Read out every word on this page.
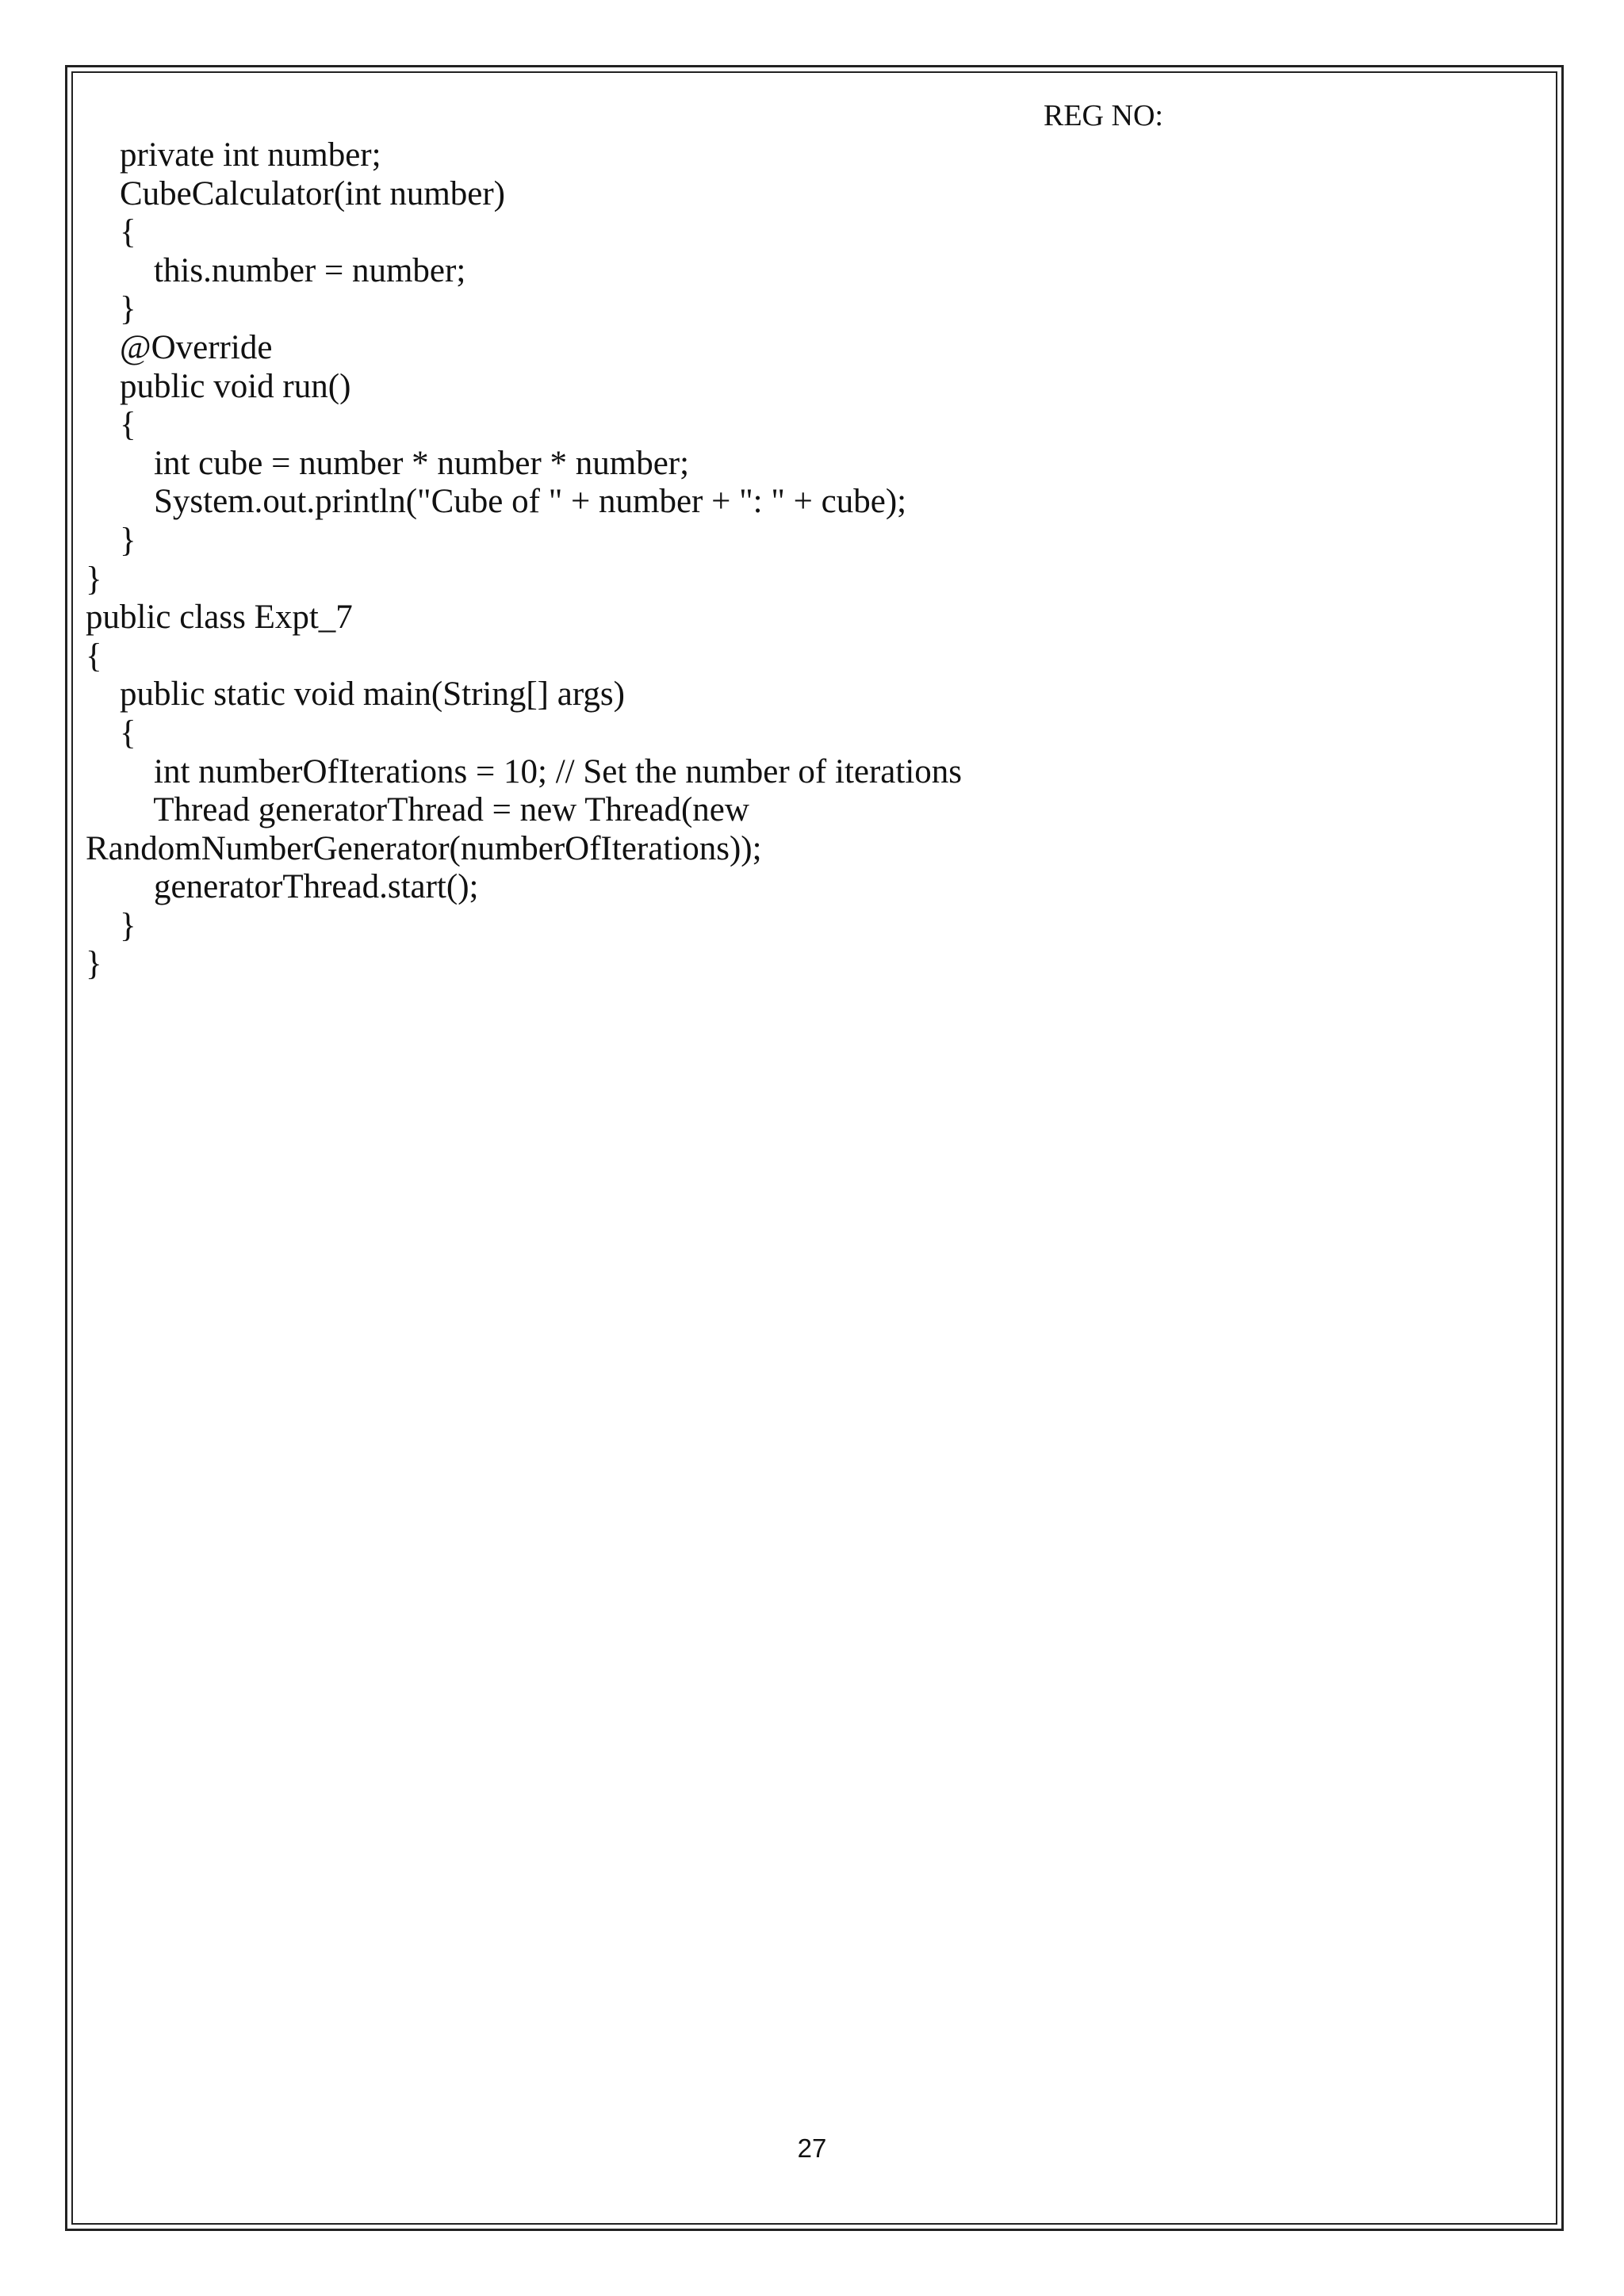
REG NO:
private int number;
CubeCalculator(int number)
{
this.number = number;
}
@Override
public void run()
{
int cube = number * number * number;
System.out.println("Cube of " + number + ": " + cube);
}
}
public class Expt_7
{
public static void main(String[] args)
{
int numberOfIterations = 10; // Set the number of iterations
Thread generatorThread = new Thread(new
RandomNumberGenerator(numberOfIterations));
generatorThread.start();
}
}
27
